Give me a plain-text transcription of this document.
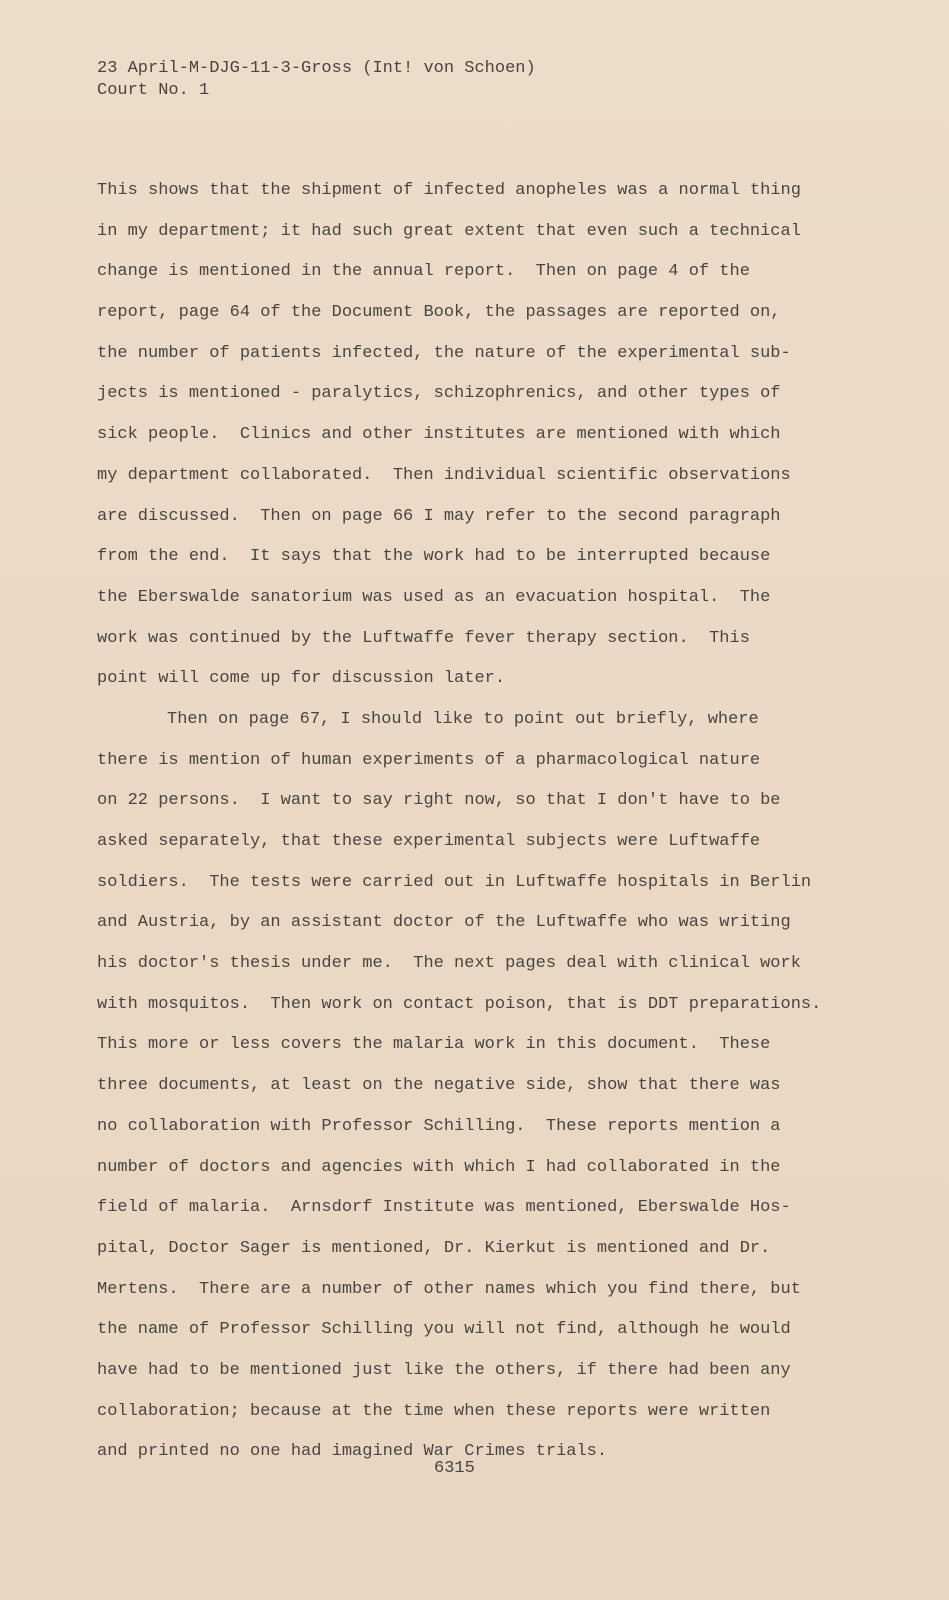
23 April-M-DJG-11-3-Gross (Int! von Schoen)
Court No. 1
This shows that the shipment of infected anopheles was a normal thing
in my department; it had such great extent that even such a technical
change is mentioned in the annual report.  Then on page 4 of the
report, page 64 of the Document Book, the passages are reported on,
the number of patients infected, the nature of the experimental sub-
jects is mentioned - paralytics, schizophrenics, and other types of
sick people.  Clinics and other institutes are mentioned with which
my department collaborated.  Then individual scientific observations
are discussed.  Then on page 66 I may refer to the second paragraph
from the end.  It says that the work had to be interrupted because
the Eberswalde sanatorium was used as an evacuation hospital.  The
work was continued by the Luftwaffe fever therapy section.  This
point will come up for discussion later.
Then on page 67, I should like to point out briefly, where
there is mention of human experiments of a pharmacological nature
on 22 persons.  I want to say right now, so that I don't have to be
asked separately, that these experimental subjects were Luftwaffe
soldiers.  The tests were carried out in Luftwaffe hospitals in Berlin
and Austria, by an assistant doctor of the Luftwaffe who was writing
his doctor's thesis under me.  The next pages deal with clinical work
with mosquitos.  Then work on contact poison, that is DDT preparations.
This more or less covers the malaria work in this document.  These
three documents, at least on the negative side, show that there was
no collaboration with Professor Schilling.  These reports mention a
number of doctors and agencies with which I had collaborated in the
field of malaria.  Arnsdorf Institute was mentioned, Eberswalde Hos-
pital, Doctor Sager is mentioned, Dr. Kierkut is mentioned and Dr.
Mertens.  There are a number of other names which you find there, but
the name of Professor Schilling you will not find, although he would
have had to be mentioned just like the others, if there had been any
collaboration; because at the time when these reports were written
and printed no one had imagined War Crimes trials.
6315
